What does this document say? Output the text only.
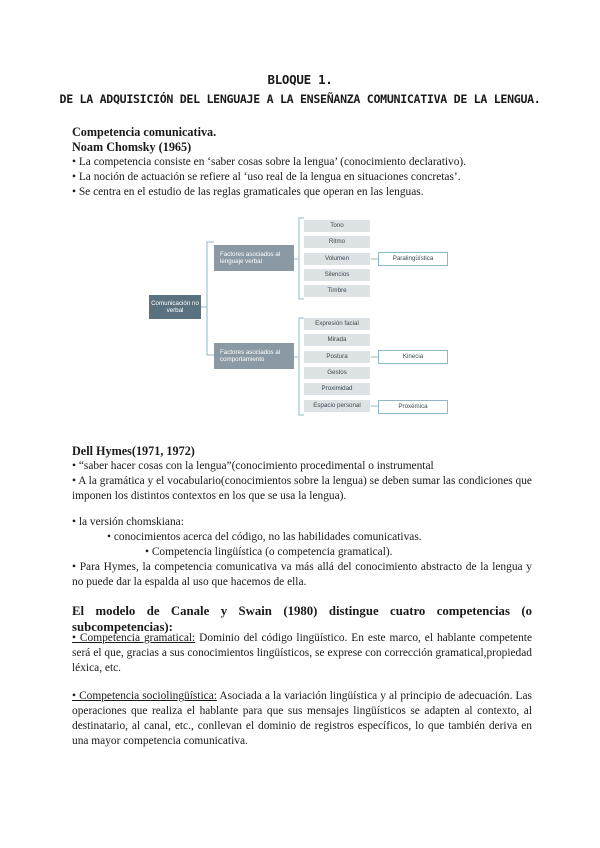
BLOQUE 1.
DE LA ADQUISICIÓN DEL LENGUAJE A LA ENSEÑANZA COMUNICATIVA DE LA LENGUA.

Competencia comunicativa.

Noam Chomsky (1965)

• La competencia consiste en ‘saber cosas sobre la lengua’ (conocimiento declarativo).

• La noción de actuación se refiere al ‘uso real de la lengua en situaciones concretas’.

• Se centra en el estudio de las reglas gramaticales que operan en las lenguas.

Comunicación no verbal
Factores asociados al lenguaje verbal
Factores asociados al comportamiento
Tono
Ritmo
Volumen
Silencios
Timbre
Expresión facial
Mirada
Postura
Gestos
Proximidad
Espacio personal
Paralingüística
Kinecia
Proxémica

Dell Hymes(1971, 1972)

• “saber hacer cosas con la lengua”(conocimiento procedimental o instrumental

• A la gramática y el vocabulario(conocimientos sobre la lengua) se deben sumar las condiciones que imponen los distintos contextos en los que se usa la lengua).

• la versión chomskiana:

• conocimientos acerca del código, no las habilidades comunicativas.

• Competencia lingüística (o competencia gramatical).

• Para Hymes, la competencia comunicativa va más allá del conocimiento abstracto de la lengua y no puede dar la espalda al uso que hacemos de ella.

El modelo de Canale y Swain (1980) distingue cuatro competencias (o subcompetencias):

• Competencia gramatical: Dominio del código lingüístico. En este marco, el hablante competente será el que, gracias a sus conocimientos lingüísticos, se exprese con corrección gramatical,propiedad léxica, etc.

• Competencia sociolingüística: Asociada a la variación lingüística y al principio de adecuación. Las operaciones que realiza el hablante para que sus mensajes lingüísticos se adapten al contexto, al destinatario, al canal, etc., conllevan el dominio de registros específicos, lo que también deriva en una mayor competencia comunicativa.
